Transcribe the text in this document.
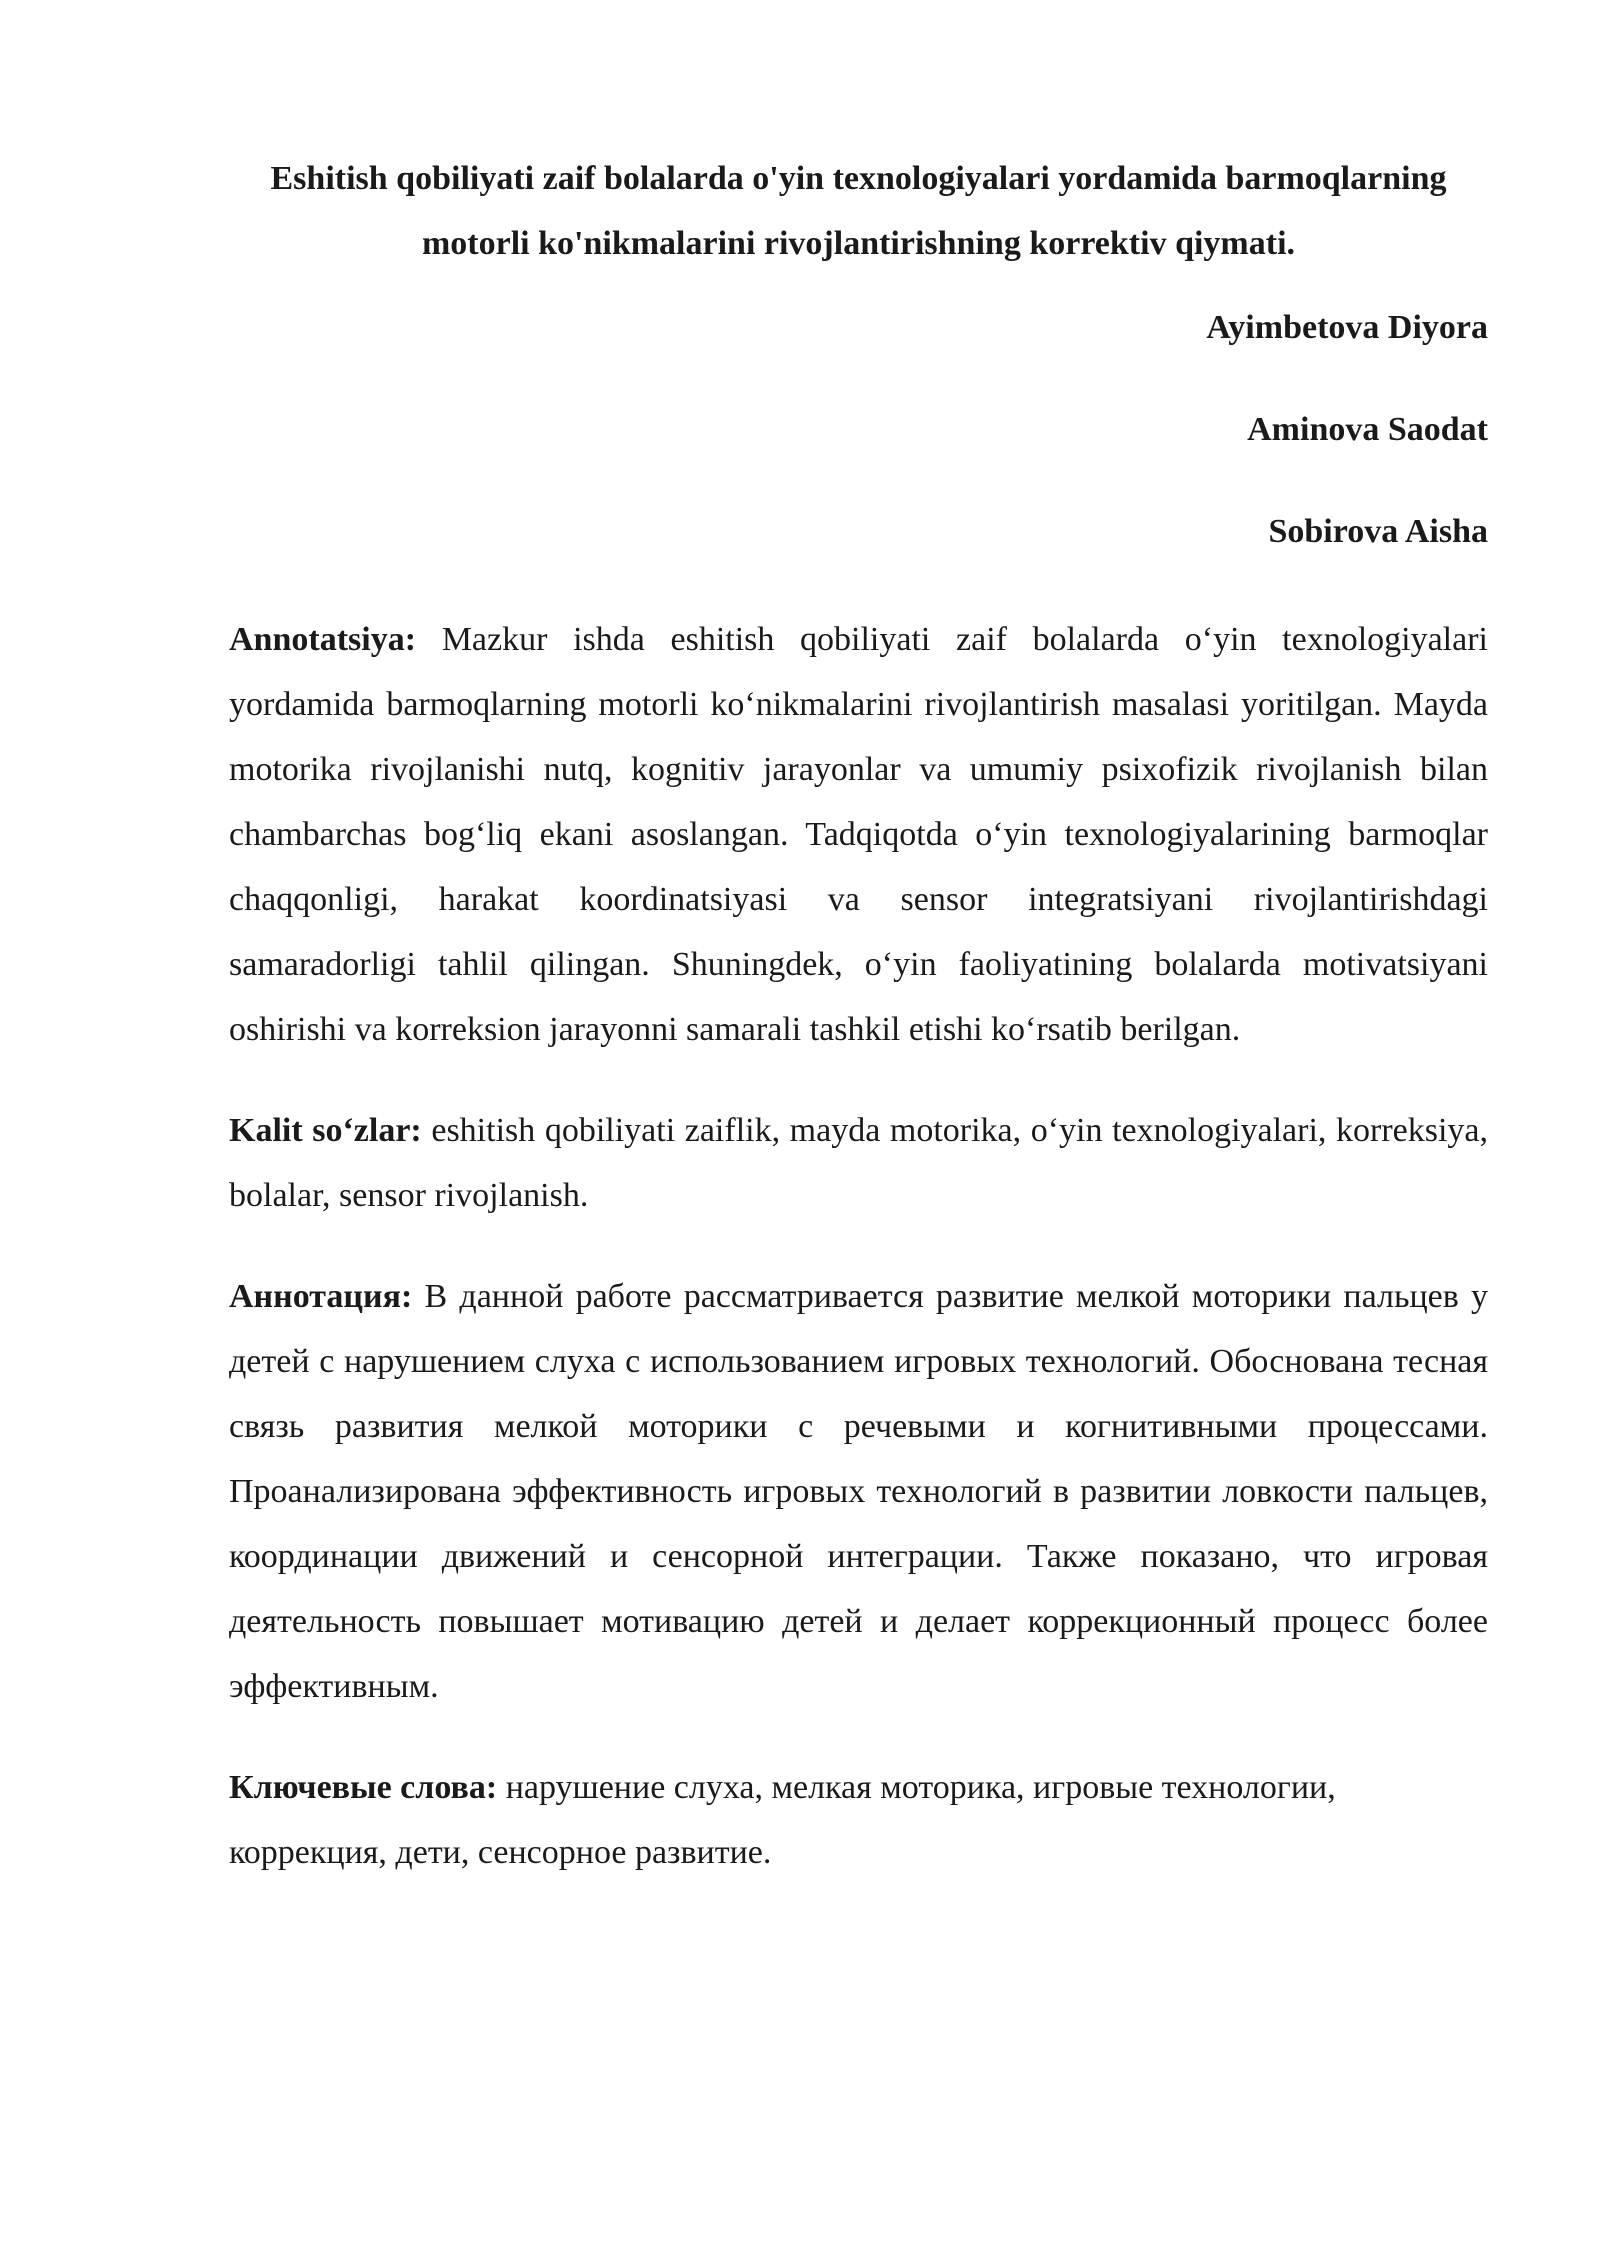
Eshitish qobiliyati zaif bolalarda o'yin texnologiyalari yordamida barmoqlarning motorli ko'nikmalarini rivojlantirishning korrektiv qiymati.

Ayimbetova Diyora

Aminova Saodat

Sobirova Aisha

Annotatsiya: Mazkur ishda eshitish qobiliyati zaif bolalarda o‘yin texnologiyalari yordamida barmoqlarning motorli ko‘nikmalarini rivojlantirish masalasi yoritilgan. Mayda motorika rivojlanishi nutq, kognitiv jarayonlar va umumiy psixofizik rivojlanish bilan chambarchas bog‘liq ekani asoslangan. Tadqiqotda o‘yin texnologiyalarining barmoqlar chaqqonligi, harakat koordinatsiyasi va sensor integratsiyani rivojlantirishdagi samaradorligi tahlil qilingan. Shuningdek, o‘yin faoliyatining bolalarda motivatsiyani oshirishi va korreksion jarayonni samarali tashkil etishi ko‘rsatib berilgan.

Kalit so‘zlar: eshitish qobiliyati zaiflik, mayda motorika, o‘yin texnologiyalari, korreksiya, bolalar, sensor rivojlanish.

Аннотация: В данной работе рассматривается развитие мелкой моторики пальцев у детей с нарушением слуха с использованием игровых технологий. Обоснована тесная связь развития мелкой моторики с речевыми и когнитивными процессами. Проанализирована эффективность игровых технологий в развитии ловкости пальцев, координации движений и сенсорной интеграции. Также показано, что игровая деятельность повышает мотивацию детей и делает коррекционный процесс более эффективным.

Ключевые слова: нарушение слуха, мелкая моторика, игровые технологии, коррекция, дети, сенсорное развитие.
